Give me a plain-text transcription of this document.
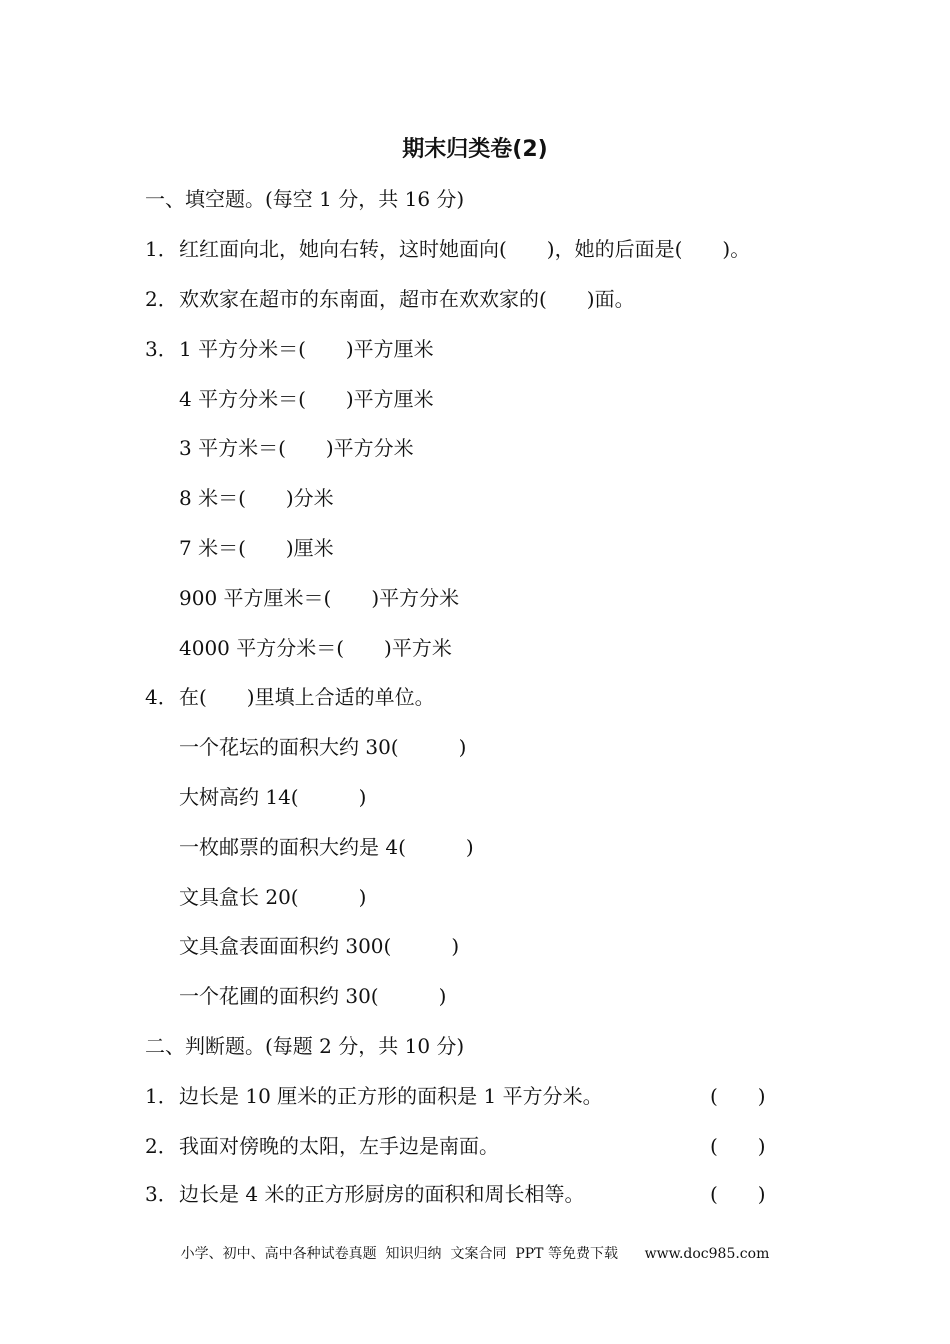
期末归类卷(2)
一、填空题。(每空 1 分，共 16 分)
1．红红面向北，她向右转，这时她面向(　　)，她的后面是(　　)。
2．欢欢家在超市的东南面，超市在欢欢家的(　　)面。
3．1 平方分米＝(　　)平方厘米
4 平方分米＝(　　)平方厘米
3 平方米＝(　　)平方分米
8 米＝(　　)分米
7 米＝(　　)厘米
900 平方厘米＝(　　)平方分米
4000 平方分米＝(　　)平方米
4．在(　　)里填上合适的单位。
一个花坛的面积大约 30(　　　)
大树高约 14(　　　)
一枚邮票的面积大约是 4(　　　)
文具盒长 20(　　　)
文具盒表面面积约 300(　　　)
一个花圃的面积约 30(　　　)
二、判断题。(每题 2 分，共 10 分)
1．边长是 10 厘米的正方形的面积是 1 平方分米。	(　　)
2．我面对傍晚的太阳，左手边是南面。	(　　)
3．边长是 4 米的正方形厨房的面积和周长相等。	(　　)
小学、初中、高中各种试卷真题  知识归纳  文案合同  PPT 等免费下载      www.doc985.com
